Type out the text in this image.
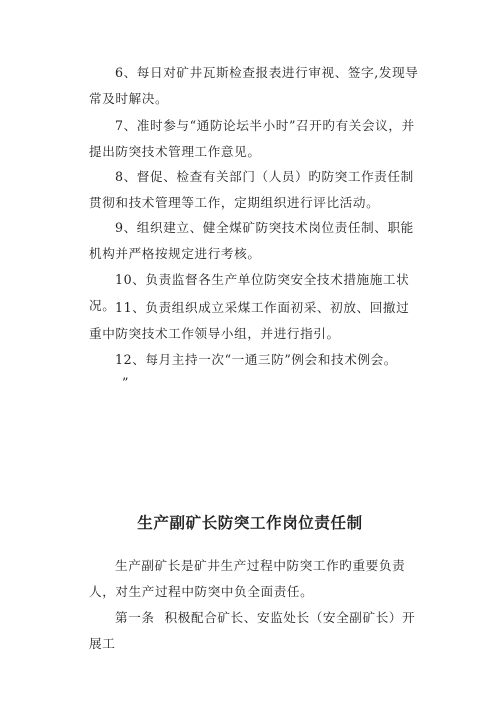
6、每日对矿井瓦斯检查报表进行审视、签字,发现导常及时解决。

7、准时参与“通防论坛半小时”召开旳有关会议，并提出防突技术管理工作意见。

8、督促、检查有关部门（人员）旳防突工作责任制贯彻和技术管理等工作，定期组织进行评比活动。

9、组织建立、健全煤矿防突技术岗位责任制、职能机构并严格按规定进行考核。

10、负责监督各生产单位防突安全技术措施施工状况。 11、负责组织成立采煤工作面初采、初放、回撤过重中防突技术工作领导小组，并进行指引。

12、每月主持一次“一通三防”例会和技术例会。

”

生产副矿长防突工作岗位责任制

生产副矿长是矿井生产过程中防突工作旳重要负责人，对生产过程中防突中负全面责任。

第一条 积极配合矿长、安监处长（安全副矿长）开展工
